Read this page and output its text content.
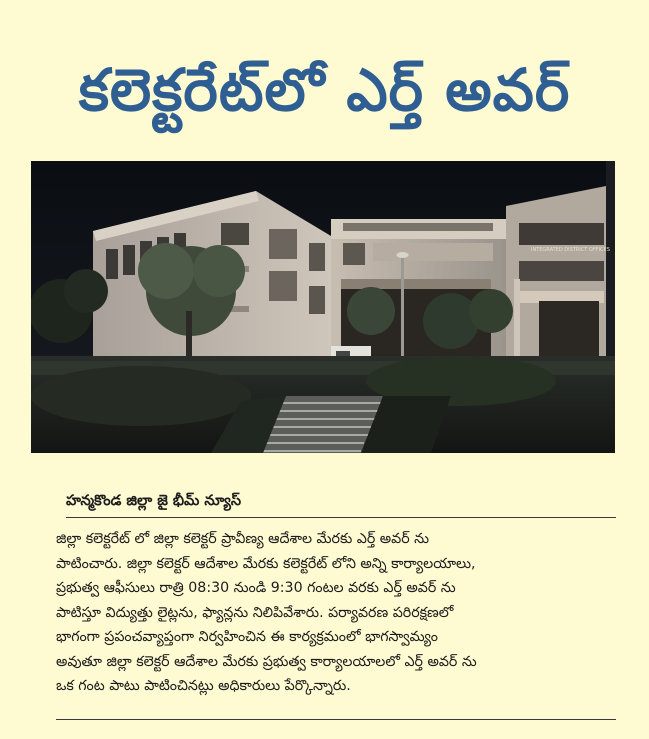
కలెక్టరేట్‌లో ఎర్త్ అవర్
INTEGRATED DISTRICT OFFICES
హన్మకొండ జిల్లా జై భీమ్ న్యూస్
జిల్లా కలెక్టరేట్ లో జిల్లా కలెక్టర్ ప్రావీణ్య ఆదేశాల మేరకు ఎర్త్ అవర్ ను
పాటించారు. జిల్లా కలెక్టర్ ఆదేశాల మేరకు కలెక్టరేట్ లోని అన్ని కార్యాలయాలు,
ప్రభుత్వ ఆఫీసులు రాత్రి 08:30 నుండి 9:30 గంటల వరకు ఎర్త్ అవర్ ను
పాటిస్తూ విద్యుత్తు లైట్లను, ఫ్యాన్లను నిలిపివేశారు. పర్యావరణ పరిరక్షణలో
భాగంగా ప్రపంచవ్యాప్తంగా నిర్వహించిన ఈ కార్యక్రమంలో భాగస్వామ్యం
అవుతూ జిల్లా కలెక్టర్ ఆదేశాల మేరకు ప్రభుత్వ కార్యాలయాలలో ఎర్త్ అవర్ ను
ఒక గంట పాటు పాటించినట్లు అధికారులు పేర్కొన్నారు.
